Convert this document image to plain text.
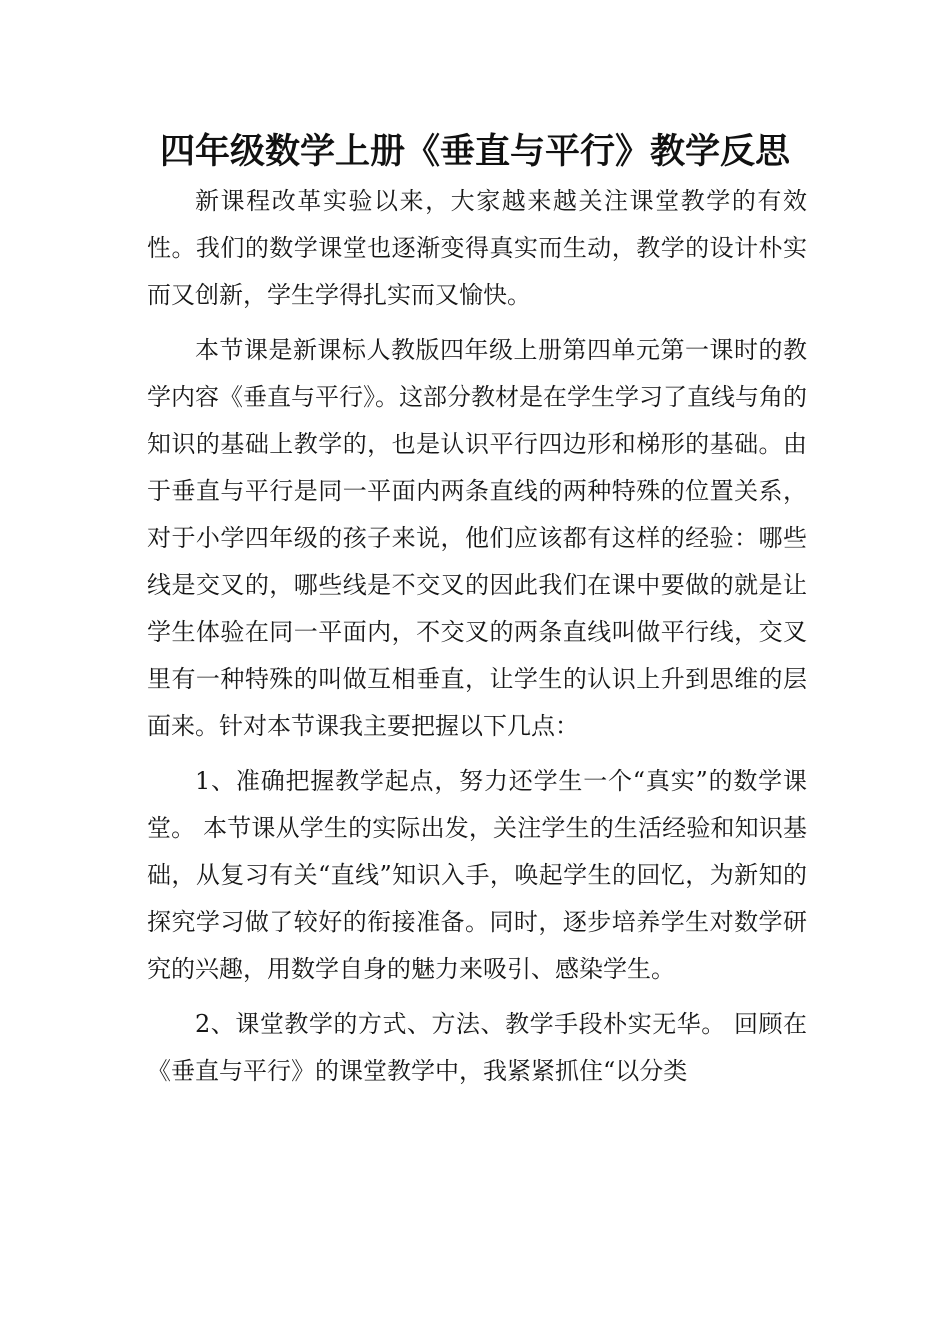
四年级数学上册《垂直与平行》教学反思

新课程改革实验以来，大家越来越关注课堂教学的有效性。我们的数学课堂也逐渐变得真实而生动，教学的设计朴实而又创新，学生学得扎实而又愉快。

本节课是新课标人教版四年级上册第四单元第一课时的教学内容《垂直与平行》。这部分教材是在学生学习了直线与角的知识的基础上教学的，也是认识平行四边形和梯形的基础。由于垂直与平行是同一平面内两条直线的两种特殊的位置关系，对于小学四年级的孩子来说，他们应该都有这样的经验：哪些线是交叉的，哪些线是不交叉的因此我们在课中要做的就是让学生体验在同一平面内，不交叉的两条直线叫做平行线，交叉里有一种特殊的叫做互相垂直，让学生的认识上升到思维的层面来。针对本节课我主要把握以下几点：

1、准确把握教学起点，努力还学生一个“真实”的数学课堂。 本节课从学生的实际出发，关注学生的生活经验和知识基础，从复习有关“直线”知识入手，唤起学生的回忆，为新知的探究学习做了较好的衔接准备。同时，逐步培养学生对数学研究的兴趣，用数学自身的魅力来吸引、感染学生。

2、课堂教学的方式、方法、教学手段朴实无华。 回顾在《垂直与平行》的课堂教学中，我紧紧抓住“以分类
